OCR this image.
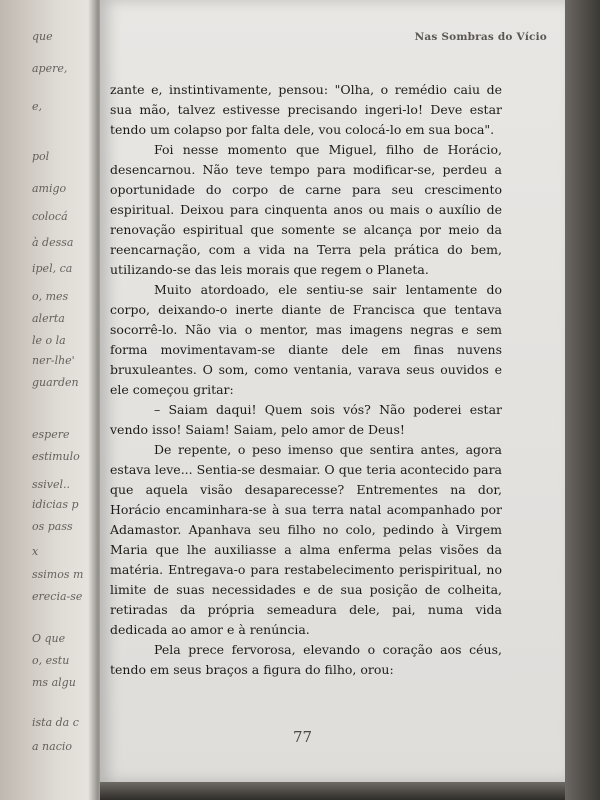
que
apere,
e,
pol
amigo
colocá
à dessa
ipel, ca
o, mes
alerta
le o la
ner-lhe'
guarden
espere
estimulo
ssivel..
idicias p
os pass
x
ssimos m
erecia-se
O que
o, estu
ms algu
ista da c
a nacio
Nas Sombras do Vício

zante e, instintivamente, pensou: "Olha, o remédio caiu de sua mão, talvez estivesse precisando ingeri-lo! Deve estar tendo um colapso por falta dele, vou colocá-lo em sua boca".

Foi nesse momento que Miguel, filho de Horácio, desencarnou. Não teve tempo para modificar-se, perdeu a oportunidade do corpo de carne para seu crescimento espiritual. Deixou para cinquenta anos ou mais o auxílio de renovação espiritual que somente se alcança por meio da reencarnação, com a vida na Terra pela prática do bem, utilizando-se das leis morais que regem o Planeta.

Muito atordoado, ele sentiu-se sair lentamente do corpo, deixando-o inerte diante de Francisca que tentava socorrê-lo. Não via o mentor, mas imagens negras e sem forma movimentavam-se diante dele em finas nuvens bruxuleantes. O som, como ventania, varava seus ouvidos e ele começou gritar:

– Saiam daqui! Quem sois vós? Não poderei estar vendo isso! Saiam! Saiam, pelo amor de Deus!

De repente, o peso imenso que sentira antes, agora estava leve... Sentia-se desmaiar. O que teria acontecido para que aquela visão desaparecesse? Entrementes na dor, Horácio encaminhara-se à sua terra natal acompanhado por Adamastor. Apanhava seu filho no colo, pedindo à Virgem Maria que lhe auxiliasse a alma enferma pelas visões da matéria. Entregava-o para restabelecimento perispiritual, no limite de suas necessidades e de sua posição de colheita, retiradas da própria semeadura dele, pai, numa vida dedicada ao amor e à renúncia.

Pela prece fervorosa, elevando o coração aos céus, tendo em seus braços a figura do filho, orou:

77
